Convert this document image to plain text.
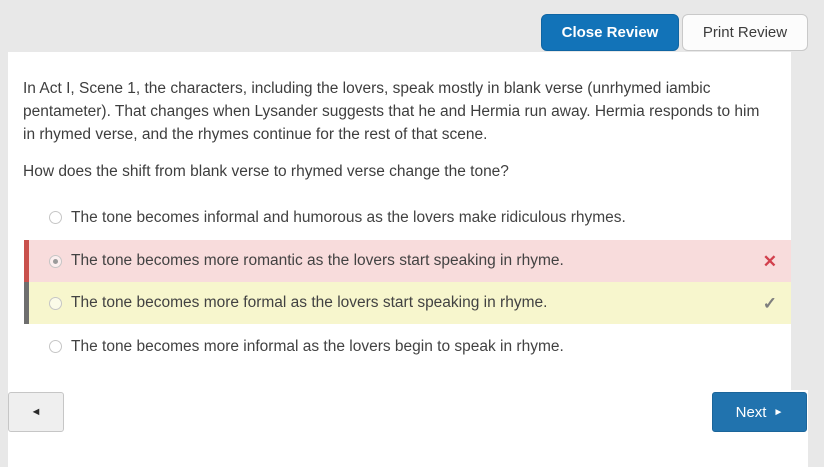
Close Review	Print Review

In Act I, Scene 1, the characters, including the lovers, speak mostly in blank verse (unrhymed iambic pentameter). That changes when Lysander suggests that he and Hermia run away. Hermia responds to him in rhymed verse, and the rhymes continue for the rest of that scene.

How does the shift from blank verse to rhymed verse change the tone?

The tone becomes informal and humorous as the lovers make ridiculous rhymes.
The tone becomes more romantic as the lovers start speaking in rhyme.	✕
The tone becomes more formal as the lovers start speaking in rhyme.	✓
The tone becomes more informal as the lovers begin to speak in rhyme.
◄	Next ►
